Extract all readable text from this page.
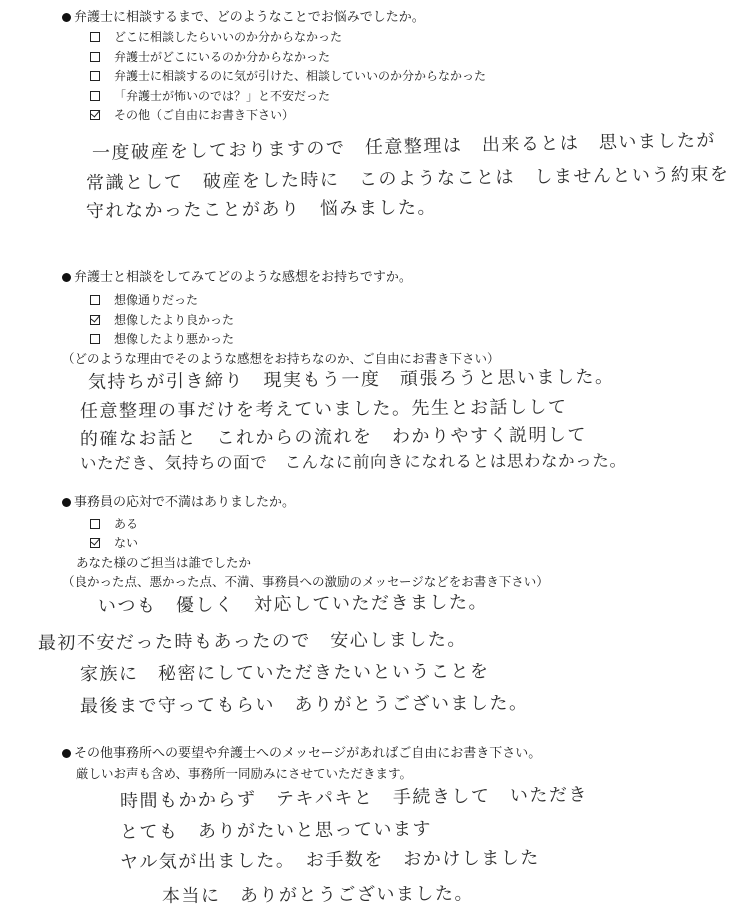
弁護士に相談するまで、どのようなことでお悩みでしたか。
どこに相談したらいいのか分からなかった
弁護士がどこにいるのか分からなかった
弁護士に相談するのに気が引けた、相談していいのか分からなかった
「弁護士が怖いのでは？」と不安だった
その他（ご自由にお書き下さい）
一度破産をしておりますので　任意整理は　出来るとは　思いましたが
常識として　破産をした時に　このようなことは　しませんという約束を
守れなかったことがあり　悩みました。
弁護士と相談をしてみてどのような感想をお持ちですか。
想像通りだった
想像したより良かった
想像したより悪かった
（どのような理由でそのような感想をお持ちなのか、ご自由にお書き下さい）
気持ちが引き締り　現実もう一度　頑張ろうと思いました。
任意整理の事だけを考えていました。先生とお話しして
的確なお話と　これからの流れを　わかりやすく説明して
いただき、気持ちの面で　こんなに前向きになれるとは思わなかった。
事務員の応対で不満はありましたか。
ある
ない
あなた様のご担当は誰でしたか
（良かった点、悪かった点、不満、事務員への激励のメッセージなどをお書き下さい）
いつも　優しく　対応していただきました。
最初不安だった時もあったので　安心しました。
家族に　秘密にしていただきたいということを
最後まで守ってもらい　ありがとうございました。
その他事務所への要望や弁護士へのメッセージがあればご自由にお書き下さい。
厳しいお声も含め、事務所一同励みにさせていただきます。
時間もかからず　テキパキと　手続きして　いただき
とても　ありがたいと思っています
ヤル気が出ました。　お手数を　おかけしました
本当に　ありがとうございました。
